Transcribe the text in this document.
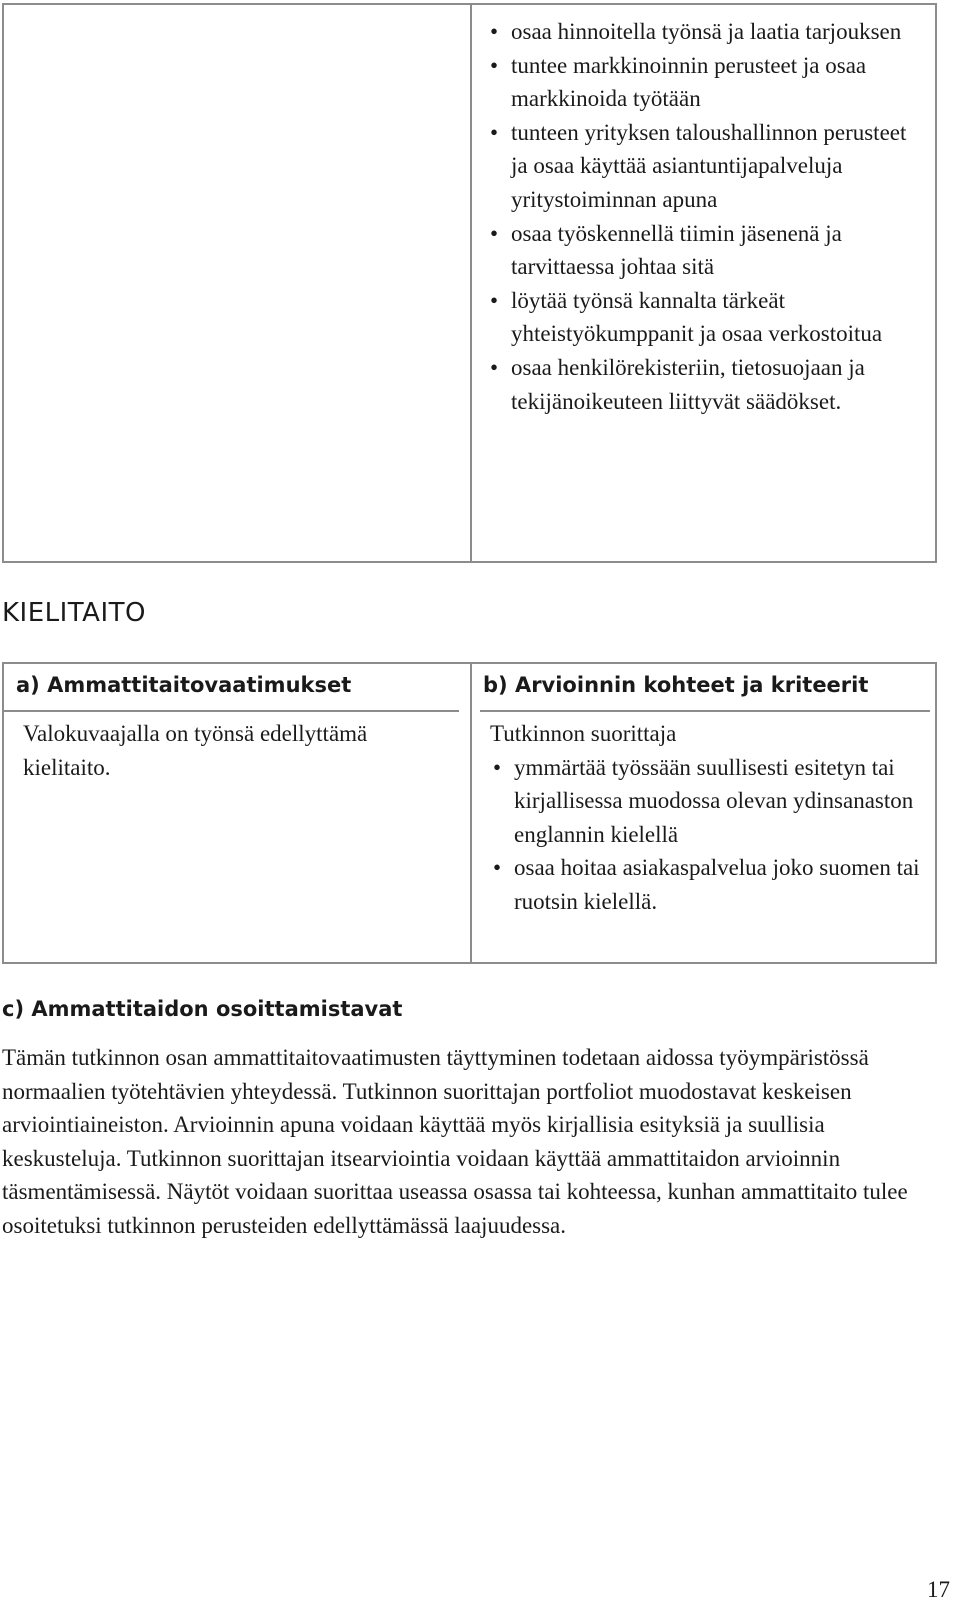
• osaa hinnoitella työnsä ja laatia tarjouksen
• tuntee markkinoinnin perusteet ja osaa markkinoida työtään
• tunteen yrityksen taloushallinnon perusteet ja osaa käyttää asiantuntijapalveluja yritystoiminnan apuna
• osaa työskennellä tiimin jäsenenä ja tarvittaessa johtaa sitä
• löytää työnsä kannalta tärkeät yhteistyökumppanit ja osaa verkostoitua
• osaa henkilörekisteriin, tietosuojaan ja tekijänoikeuteen liittyvät säädökset.
KIELITAITO
a) Ammattitaitovaatimukset	b) Arvioinnin kohteet ja kriteerit
Valokuvaajalla on työnsä edellyttämä kielitaito.
Tutkinnon suorittaja
• ymmärtää työssään suullisesti esitetyn tai kirjallisessa muodossa olevan ydinsanaston englannin kielellä
• osaa hoitaa asiakaspalvelua joko suomen tai ruotsin kielellä.
c) Ammattitaidon osoittamistavat
Tämän tutkinnon osan ammattitaitovaatimusten täyttyminen todetaan aidossa työympäristössä normaalien työtehtävien yhteydessä. Tutkinnon suorittajan portfoliot muodostavat keskeisen arviointiaineiston. Arvioinnin apuna voidaan käyttää myös kirjallisia esityksiä ja suullisia keskusteluja. Tutkinnon suorittajan itsearviointia voidaan käyttää ammattitaidon arvioinnin täsmentämisessä. Näytöt voidaan suorittaa useassa osassa tai kohteessa, kunhan ammattitaito tulee osoitetuksi tutkinnon perusteiden edellyttämässä laajuudessa.
17
